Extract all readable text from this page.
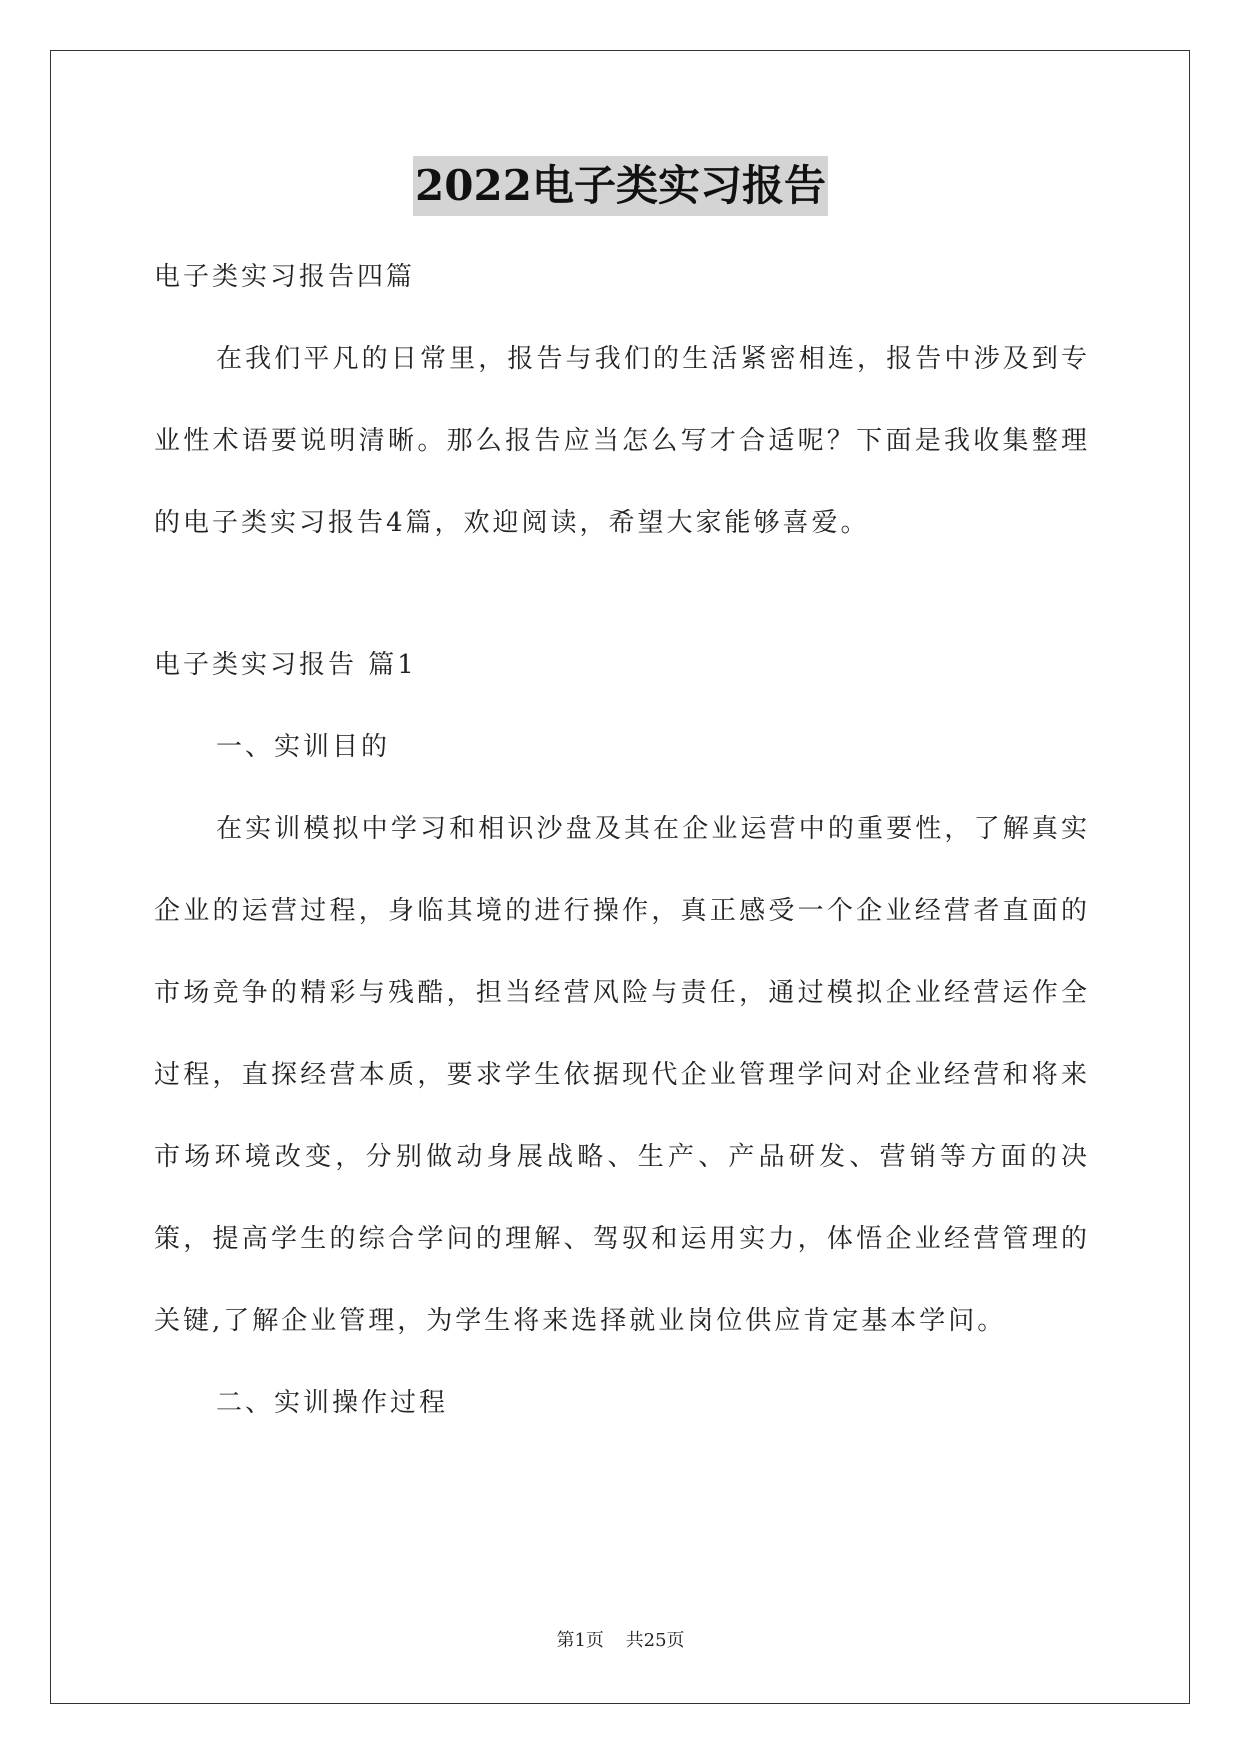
2022电子类实习报告

电子类实习报告四篇

在我们平凡的日常里，报告与我们的生活紧密相连，报告中涉及到专业性术语要说明清晰。那么报告应当怎么写才合适呢？下面是我收集整理的电子类实习报告4篇，欢迎阅读，希望大家能够喜爱。

电子类实习报告 篇1

一、实训目的

在实训模拟中学习和相识沙盘及其在企业运营中的重要性，了解真实企业的运营过程，身临其境的进行操作，真正感受一个企业经营者直面的市场竞争的精彩与残酷，担当经营风险与责任，通过模拟企业经营运作全过程，直探经营本质，要求学生依据现代企业管理学问对企业经营和将来市场环境改变，分别做动身展战略、生产、产品研发、营销等方面的决策，提高学生的综合学问的理解、驾驭和运用实力，体悟企业经营管理的关键,了解企业管理，为学生将来选择就业岗位供应肯定基本学问。

二、实训操作过程

第1页 共25页
